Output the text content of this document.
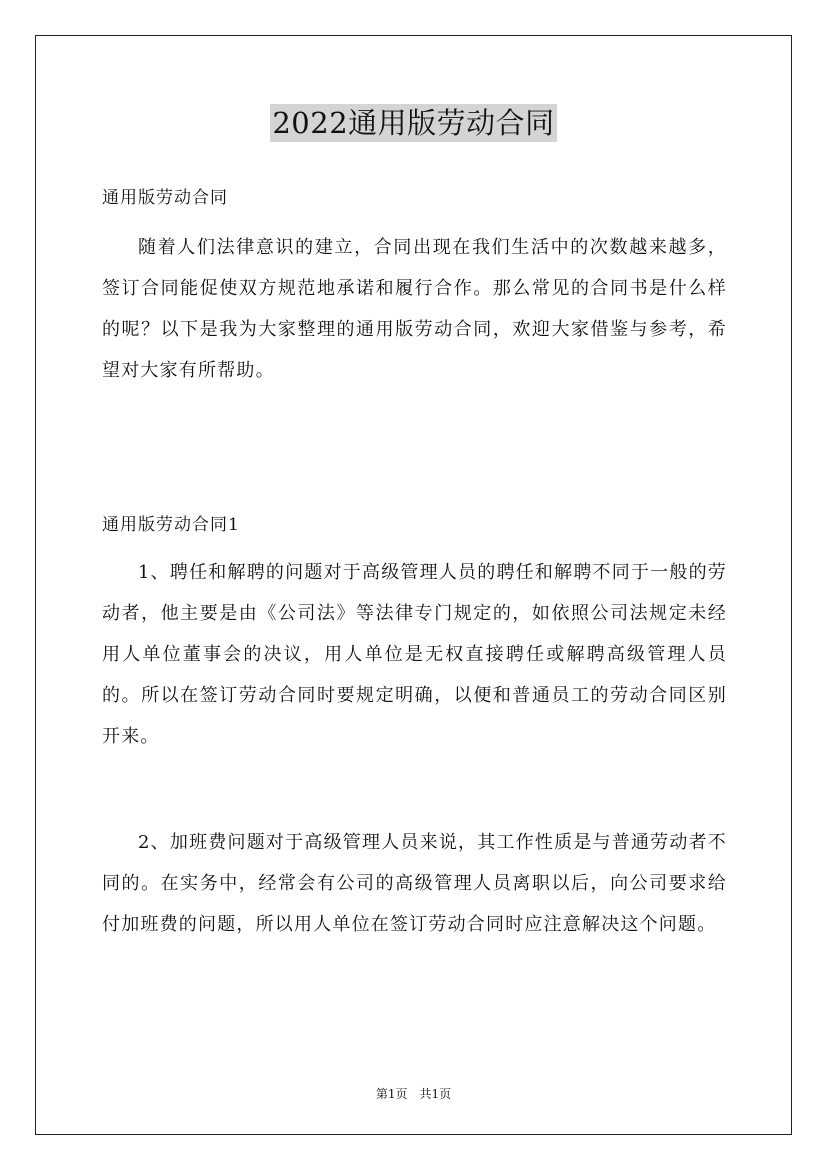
2022通用版劳动合同
通用版劳动合同

随着人们法律意识的建立，合同出现在我们生活中的次数越来越多，签订合同能促使双方规范地承诺和履行合作。那么常见的合同书是什么样的呢？以下是我为大家整理的通用版劳动合同，欢迎大家借鉴与参考，希望对大家有所帮助。

通用版劳动合同1

1、聘任和解聘的问题对于高级管理人员的聘任和解聘不同于一般的劳动者，他主要是由《公司法》等法律专门规定的，如依照公司法规定未经用人单位董事会的决议，用人单位是无权直接聘任或解聘高级管理人员的。所以在签订劳动合同时要规定明确，以便和普通员工的劳动合同区别开来。

2、加班费问题对于高级管理人员来说，其工作性质是与普通劳动者不同的。在实务中，经常会有公司的高级管理人员离职以后，向公司要求给付加班费的问题，所以用人单位在签订劳动合同时应注意解决这个问题。

第1页　共1页
